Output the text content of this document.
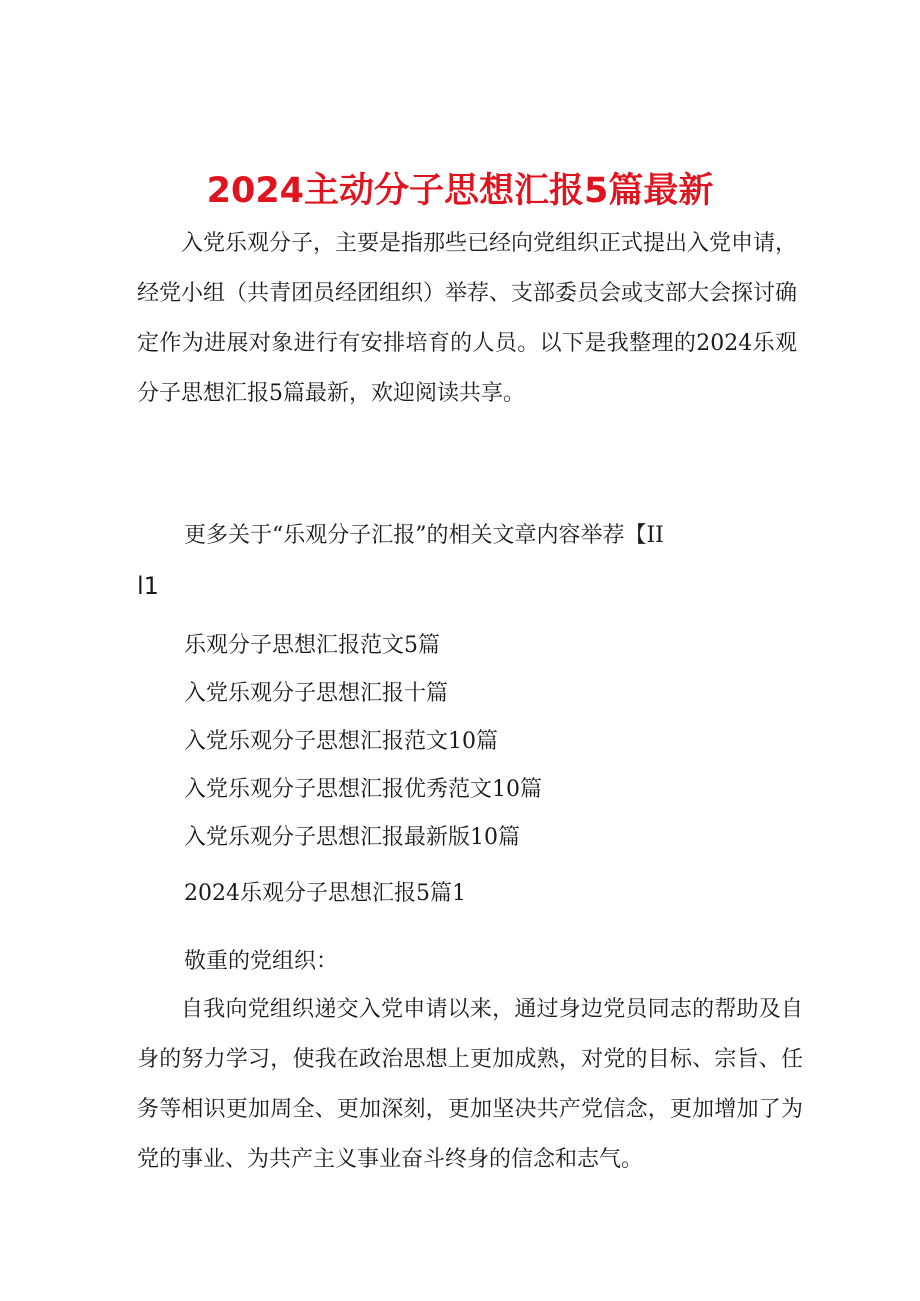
2024主动分子思想汇报5篇最新

入党乐观分子，主要是指那些已经向党组织正式提出入党申请，经党小组（共青团员经团组织）举荐、支部委员会或支部大会探讨确定作为进展对象进行有安排培育的人员。以下是我整理的2024乐观分子思想汇报5篇最新，欢迎阅读共享。

更多关于“乐观分子汇报”的相关文章内容举荐【II
l1
乐观分子思想汇报范文5篇
入党乐观分子思想汇报十篇
入党乐观分子思想汇报范文10篇
入党乐观分子思想汇报优秀范文10篇
入党乐观分子思想汇报最新版10篇
2024乐观分子思想汇报5篇1
敬重的党组织：

自我向党组织递交入党申请以来，通过身边党员同志的帮助及自身的努力学习，使我在政治思想上更加成熟，对党的目标、宗旨、任务等相识更加周全、更加深刻，更加坚决共产党信念，更加增加了为党的事业、为共产主义事业奋斗终身的信念和志气。
